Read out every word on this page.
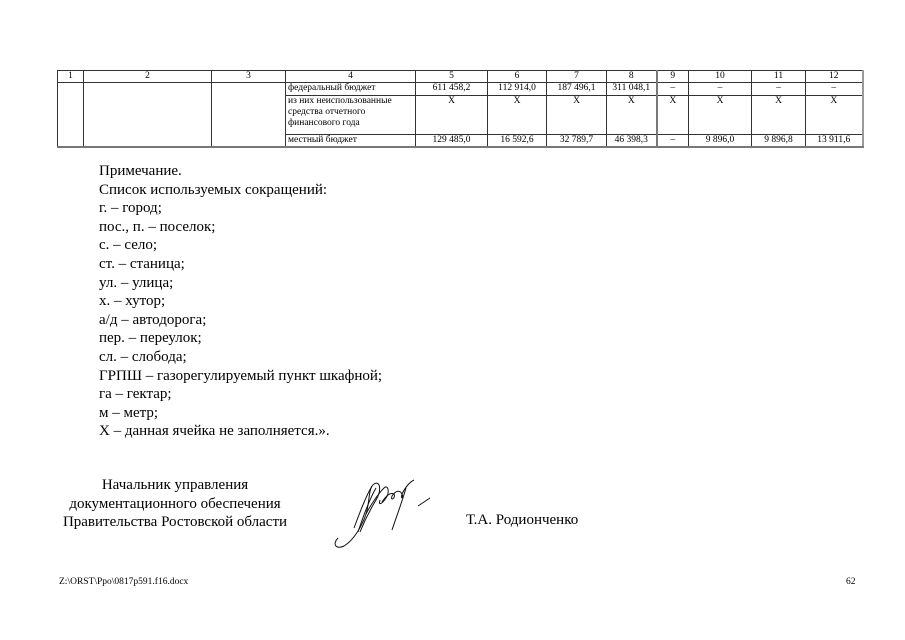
1	2	3	4	5	6	7	8	9	10	11	12
			федеральный бюджет	611 458,2	112 914,0	187 496,1	311 048,1	–	–	–	–
			из них неиспользованные средства отчетного финансового года	X	X	X	X	X	X	X	X
			местный бюджет	129 485,0	16 592,6	32 789,7	46 398,3	–	9 896,0	9 896,8	13 911,6
Примечание.
Список используемых сокращений:
г. – город;
пос., п. – поселок;
с. – село;
ст. – станица;
ул. – улица;
х. – хутор;
а/д – автодорога;
пер. – переулок;
сл. – слобода;
ГРПШ – газорегулируемый пункт шкафной;
га – гектар;
м – метр;
X – данная ячейка не заполняется.».
Начальник управления
документационного обеспечения
Правительства Ростовской области	Т.А. Родионченко
Z:\ORST\Ppo\0817p591.f16.docx	62
